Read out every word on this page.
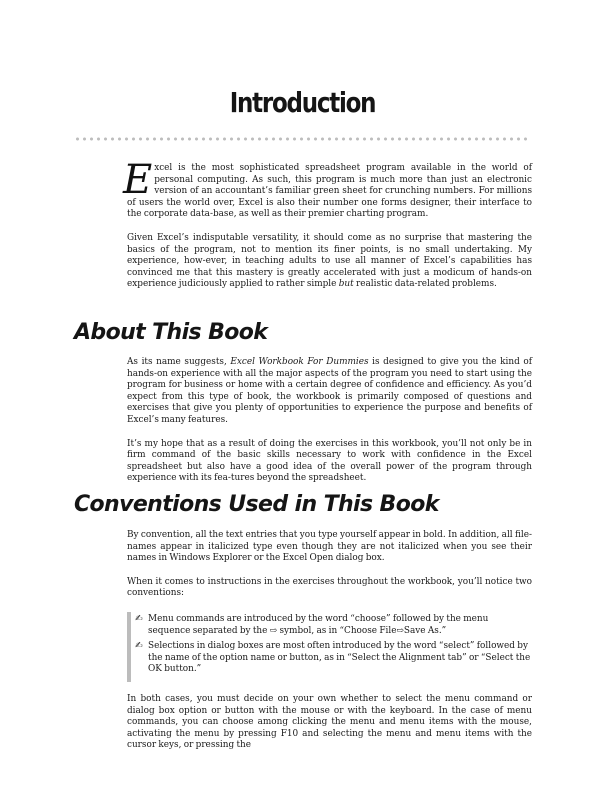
Introduction

Excel is the most sophisticated spreadsheet program available in the world of personal computing. As such, this program is much more than just an electronic version of an accountant’s familiar green sheet for crunching numbers. For millions of users the world over, Excel is also their number one forms designer, their interface to the corporate data-base, as well as their premier charting program.

Given Excel’s indisputable versatility, it should come as no surprise that mastering the basics of the program, not to mention its finer points, is no small undertaking. My experience, how-ever, in teaching adults to use all manner of Excel’s capabilities has convinced me that this mastery is greatly accelerated with just a modicum of hands-on experience judiciously applied to rather simple but realistic data-related problems.

About This Book

As its name suggests, Excel Workbook For Dummies is designed to give you the kind of hands-on experience with all the major aspects of the program you need to start using the program for business or home with a certain degree of confidence and efficiency. As you’d expect from this type of book, the workbook is primarily composed of questions and exercises that give you plenty of opportunities to experience the purpose and benefits of Excel’s many features.

It’s my hope that as a result of doing the exercises in this workbook, you’ll not only be in firm command of the basic skills necessary to work with confidence in the Excel spreadsheet but also have a good idea of the overall power of the program through experience with its fea-tures beyond the spreadsheet.

Conventions Used in This Book

By convention, all the text entries that you type yourself appear in bold. In addition, all file-names appear in italicized type even though they are not italicized when you see their names in Windows Explorer or the Excel Open dialog box.

When it comes to instructions in the exercises throughout the workbook, you’ll notice two conventions:

✍ Menu commands are introduced by the word “choose” followed by the menu sequence separated by the ⇨ symbol, as in “Choose File⇨Save As.”
✍ Selections in dialog boxes are most often introduced by the word “select” followed by the name of the option name or button, as in “Select the Alignment tab” or “Select the OK button.”

In both cases, you must decide on your own whether to select the menu command or dialog box option or button with the mouse or with the keyboard. In the case of menu commands, you can choose among clicking the menu and menu items with the mouse, activating the menu by pressing F10 and selecting the menu and menu items with the cursor keys, or pressing the
